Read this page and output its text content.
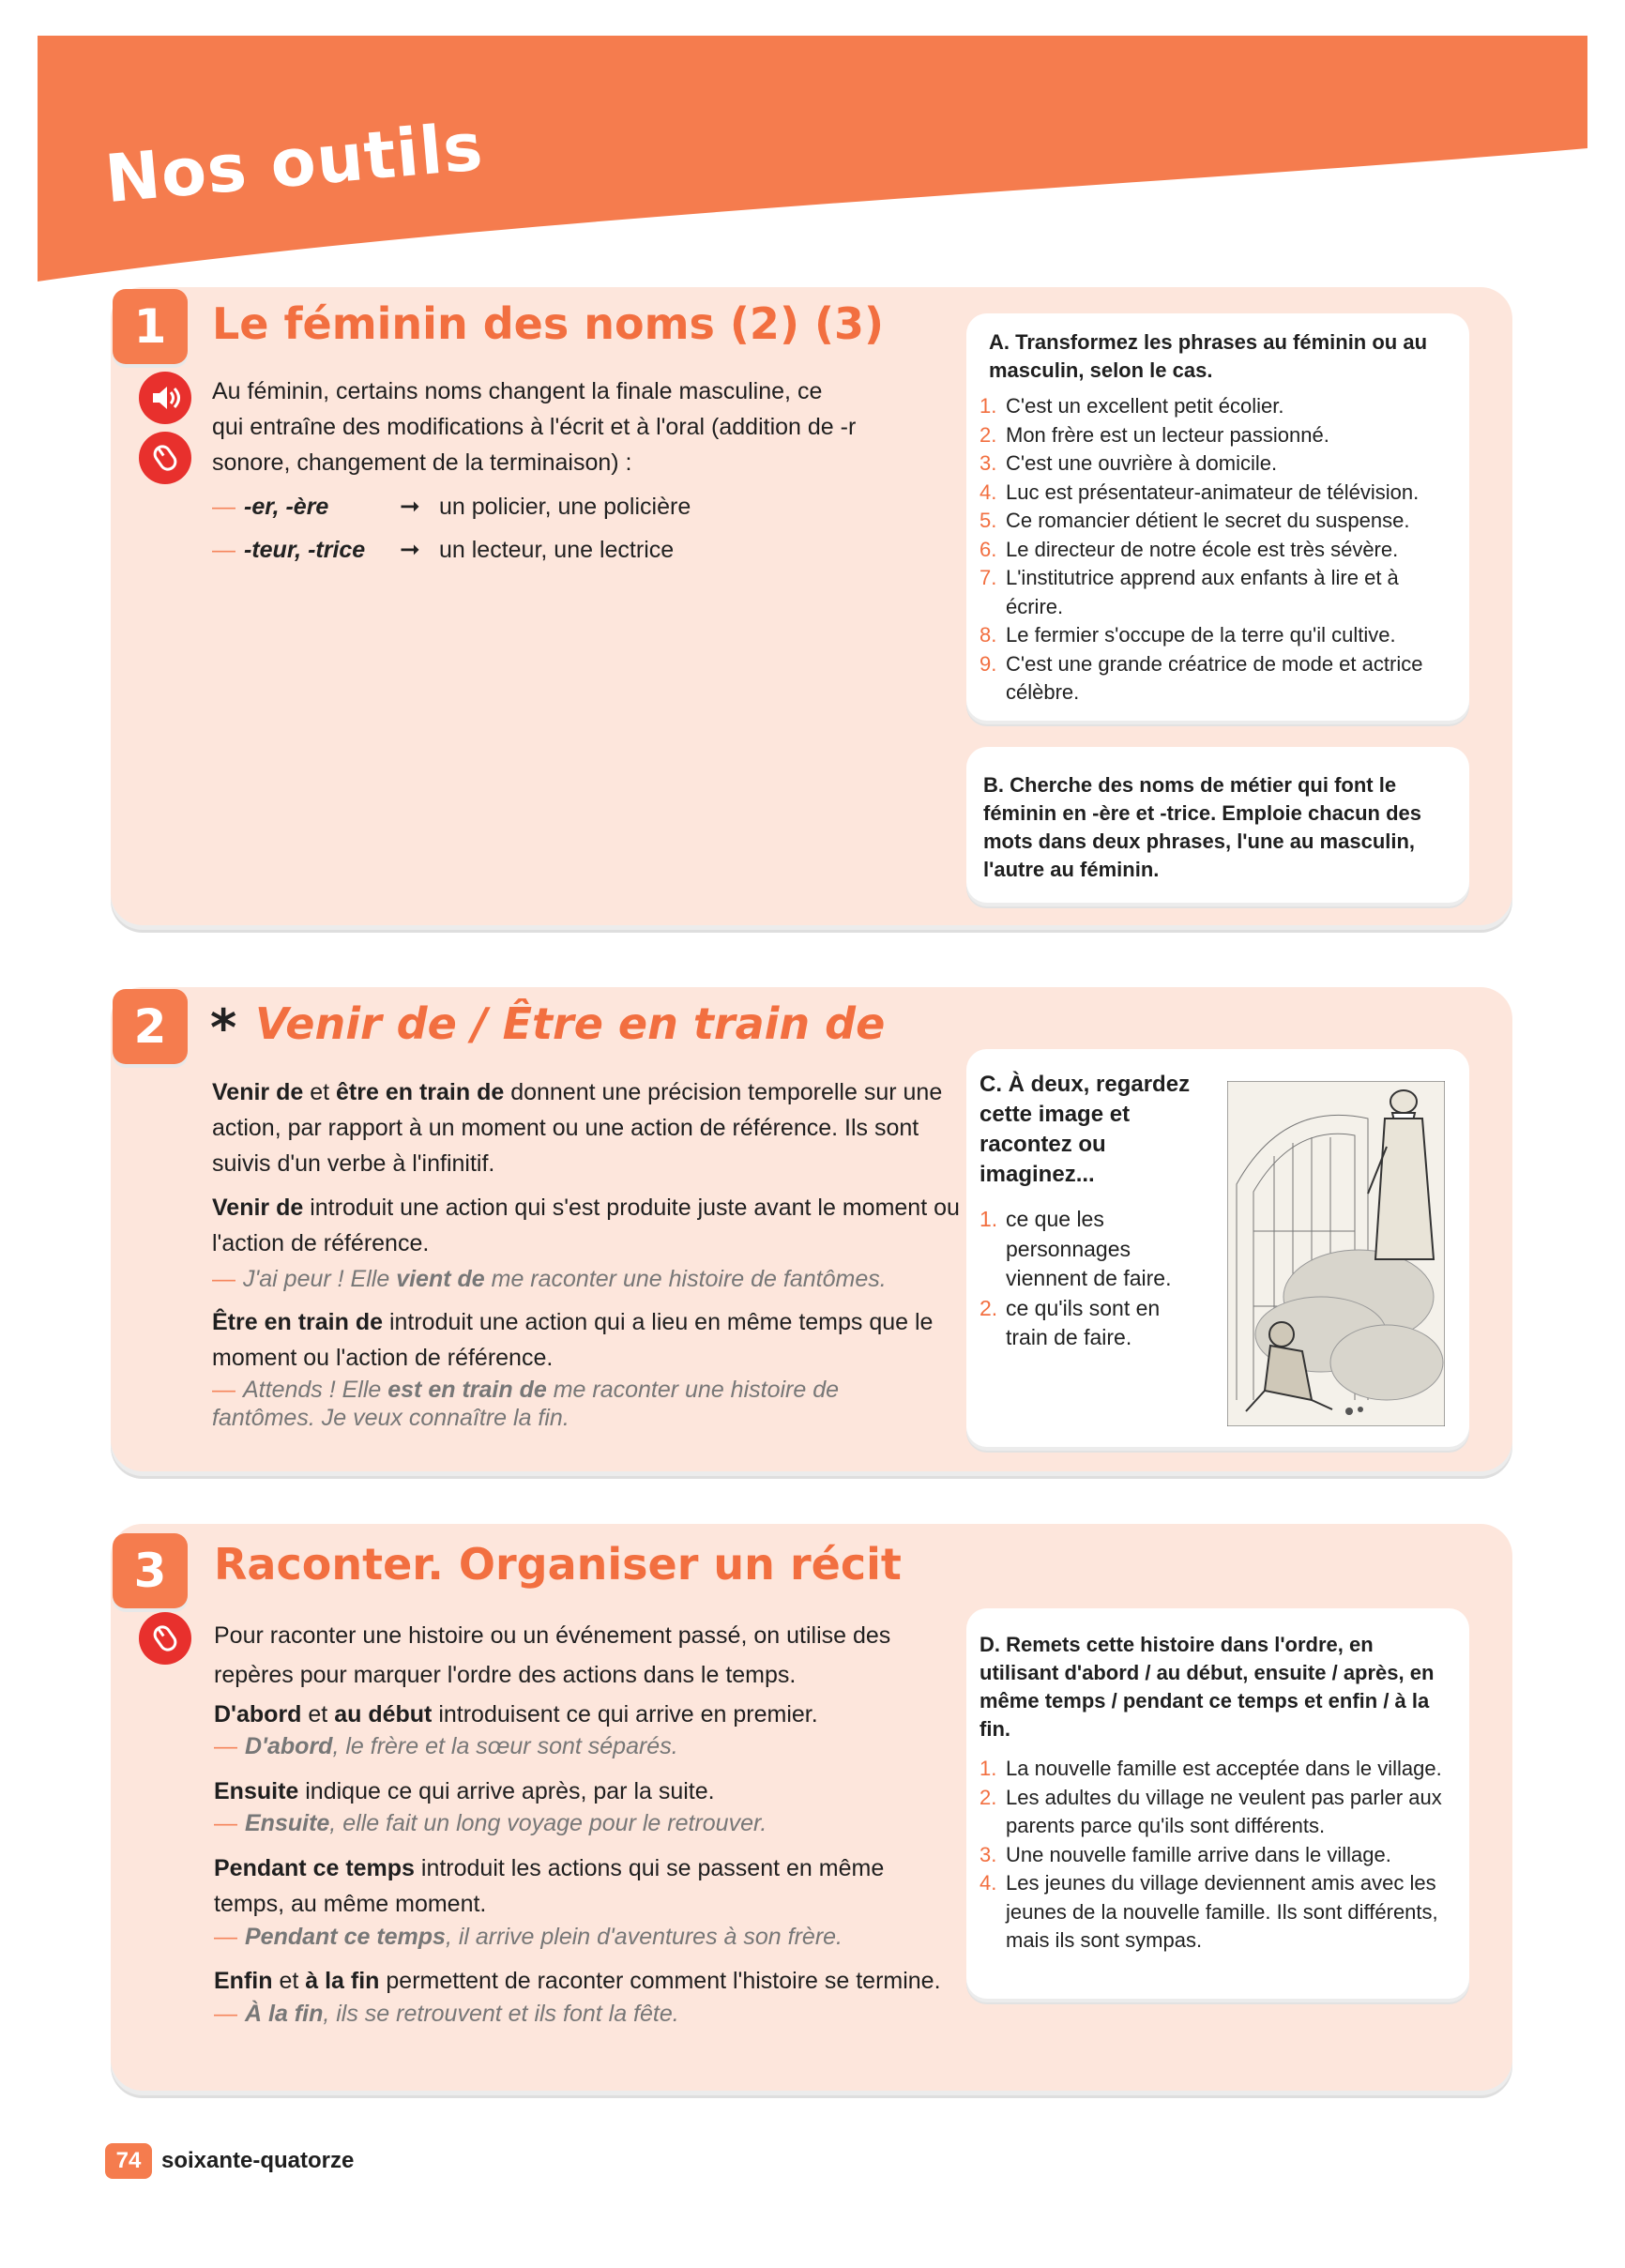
Nos outils
1	Le féminin des noms (2) (3)

Au féminin, certains noms changent la finale masculine, ce qui entraîne des modifications à l'écrit et à l'oral (addition de -r sonore, changement de la terminaison) :

— -er, -ère	➞ un policier, une policière
— -teur, -trice ➞ un lecteur, une lectrice

A. Transformez les phrases au féminin ou au masculin, selon le cas.

1. C'est un excellent petit écolier.
2. Mon frère est un lecteur passionné.
3. C'est une ouvrière à domicile.
4. Luc est présentateur-animateur de télévision.
5. Ce romancier détient le secret du suspense.
6. Le directeur de notre école est très sévère.
7. L'institutrice apprend aux enfants à lire et à écrire.
8. Le fermier s'occupe de la terre qu'il cultive.
9. C'est une grande créatrice de mode et actrice célèbre.

B. Cherche des noms de métier qui font le féminin en -ère et -trice. Emploie chacun des mots dans deux phrases, l'une au masculin, l'autre au féminin.

2 * Venir de / Être en train de

Venir de et être en train de donnent une précision temporelle sur une action, par rapport à un moment ou une action de référence. Ils sont suivis d'un verbe à l'infinitif.

Venir de introduit une action qui s'est produite juste avant le moment ou l'action de référence.

— J'ai peur ! Elle vient de me raconter une histoire de fantômes.

Être en train de introduit une action qui a lieu en même temps que le moment ou l'action de référence.

— Attends ! Elle est en train de me raconter une histoire de fantômes. Je veux connaître la fin.

C. À deux, regardez cette image et racontez ou imaginez...

1. ce que les personnages viennent de faire.
2. ce qu'ils sont en train de faire.
3	Raconter. Organiser un récit

Pour raconter une histoire ou un événement passé, on utilise des repères pour marquer l'ordre des actions dans le temps.

D'abord et au début introduisent ce qui arrive en premier.

— D'abord, le frère et la sœur sont séparés.

Ensuite indique ce qui arrive après, par la suite.

— Ensuite, elle fait un long voyage pour le retrouver.

Pendant ce temps introduit les actions qui se passent en même temps, au même moment.

— Pendant ce temps, il arrive plein d'aventures à son frère.

Enfin et à la fin permettent de raconter comment l'histoire se termine.

— À la fin, ils se retrouvent et ils font la fête.

D. Remets cette histoire dans l'ordre, en utilisant d'abord / au début, ensuite / après, en même temps / pendant ce temps et enfin / à la fin.

1. La nouvelle famille est acceptée dans le village.
2. Les adultes du village ne veulent pas parler aux parents parce qu'ils sont différents.
3. Une nouvelle famille arrive dans le village.
4. Les jeunes du village deviennent amis avec les jeunes de la nouvelle famille. Ils sont différents, mais ils sont sympas.
74 soixante-quatorze
